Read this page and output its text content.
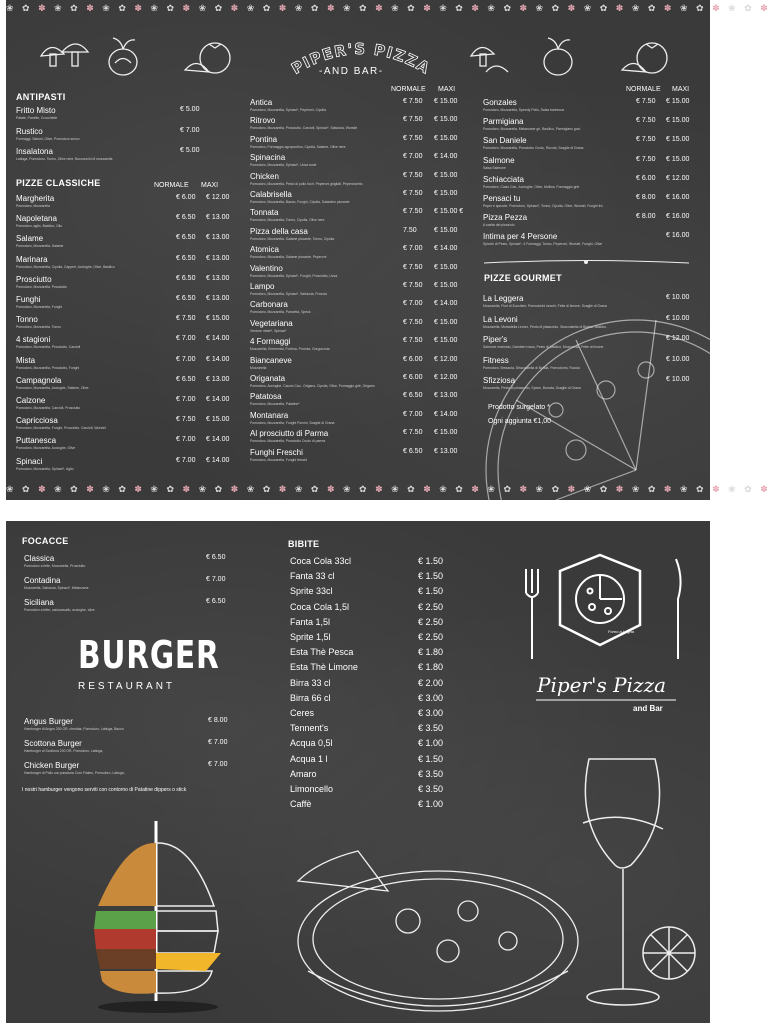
❀ ✿ ✽ ❀ ✿ ✽ ❀ ✿ ✽ ❀ ✿ ✽ ❀ ✿ ✽ ❀ ✿ ✽ ❀ ✿ ✽ ❀ ✿ ✽ ❀ ✿ ✽ ❀ ✿ ✽ ❀ ✿ ✽ ❀ ✿ ✽ ❀ ✿ ✽ ❀ ✿ ✽ ❀ ✿ ✽ ❀ ✿ ✽
❀ ✿ ✽ ❀ ✿ ✽ ❀ ✿ ✽ ❀ ✿ ✽ ❀ ✿ ✽ ❀ ✿ ✽ ❀ ✿ ✽ ❀ ✿ ✽ ❀ ✿ ✽ ❀ ✿ ✽ ❀ ✿ ✽ ❀ ✿ ✽ ❀ ✿ ✽ ❀ ✿ ✽ ❀ ✿ ✽ ❀ ✿ ✽
PIPER'S PIZZA
-AND BAR-
ANTIPASTI
PIZZE CLASSICHE	NORMALE MAXI
NORMALE MAXI	NORMALE MAXI
PIZZE GOURMET
Prodotto surgelato *
Ogni aggiunta €1,00
Fritto Misto
Patate, Panelle, Crocchette
€ 5.00
Rustico
Formaggi, Salumi, Olive, Pomodoro secco
€ 7.00
Insalatona
Lattuga, Pomodoro, Tonno, Olive nere, Bocconcini di mozzarella
€ 5.00
Margherita
Pomodoro, Mozzarella
€ 6.00 € 12.00
Napoletana
Pomodoro, aglio, Basilico, Olio
€ 6.50 € 13.00
Salame
Pomodoro, Mozzarella, Salame
€ 6.50 € 13.00
Marinara
Pomodoro, Mozzarella, Cipolla, Capperi, Acciughe, Olive, Basilico
€ 6.50 € 13.00
Prosciutto
Pomodoro, Mozzarella, Prosciutto
€ 6.50 € 13.00
Funghi
Pomodoro, Mozzarella, Funghi
€ 6.50 € 13.00
Tonno
Pomodoro, Mozzarella, Tonno
€ 7.50 € 15.00
4 stagioni
Pomodoro, Mozzarella, Prosciutto, Carciofi
€ 7.00 € 14.00
Mista
Pomodoro, Mozzarella, Prosciutto, Funghi
€ 7.00 € 14.00
Campagnola
Pomodoro, Mozzarella, Acciughe, Salame, Olive
€ 6.50 € 13.00
Calzone
Pomodoro, Mozzarella, Carciofi, Prosciutto
€ 7.00 € 14.00
Capricciosa
Pomodoro, Mozzarella, Funghi, Prosciutto, Carciofi, Wurstel
€ 7.50 € 15.00
Puttanesca
Pomodoro, Mozzarella, Acciughe, Olive
€ 7.00 € 14.00
Spinaci
Pomodoro, Mozzarella, Spinaci*, Aglio
€ 7.00 € 14.00
Antica
Pomodoro, Mozzarella, Spinaci*, Peperoni, Cipolla
€ 7.50 € 15.00
Ritrovo
Pomodoro, Mozzarella, Prosciutto, Carciofi, Spinaci*, Salsiccia, Wurstel
€ 7.50 € 15.00
Pontina
Pomodoro, Formaggio agropontino, Cipolla, Salame, Olive nere
€ 7.50 € 15.00
Spinacina
Pomodoro, Mozzarella, Spinaci*, Uova sode
€ 7.00 € 14.00
Chicken
Pomodoro, Mozzarella, Pesto di pollo fuori, Peperoni grigliati, Peperoncello
€ 7.50 € 15.00
Calabrisella
Pomodoro, Mozzarella, Bacon, Funghi, Cipolla, Salamino piccante
€ 7.50 € 15.00
Tonnata
Pomodoro, Mozzarella, Tonno, Cipolla, Olive nere
€ 7.50 € 15.00 €
Pizza della casa
Pomodoro, Mozzarella, Salame piccante, Tonno, Cipolla
7.50 € 15.00
Atomica
Pomodoro, Mozzarella, Salame piccante, Peperoni
€ 7.00 € 14.00
Valentino
Pomodoro, Mozzarella, Spinaci*, Funghi, Prosciutto, Uova
€ 7.50 € 15.00
Lampo
Pomodoro, Mozzarella, Spinaci*, Salsiccia, Provola
€ 7.50 € 15.00
Carbonara
Pomodoro, Mozzarella, Pancetta, Speck
€ 7.00 € 14.00
Vegetariana
Verdure miste*, Spinaci*
€ 7.50 € 15.00
4 Formaggi
Mozzarella, Emmental, Fontina, Provola, Gorgonzola
€ 7.50 € 15.00
Biancaneve
Mozzarella
€ 6.00 € 12.00
Origanata
Pomodoro, Acciughe, Caccio Cav., Origano, Cipolla, Olive, Pomaggio griè, Origano
€ 6.00 € 12.00
Patatosa
Pomodoro, Mozzarella, Patatine*
€ 6.50 € 13.00
Montanara
Pomodoro, Mozzarella, Funghi Porcini, Scaglie di Grana
€ 7.00 € 14.00
Al prosciutto di Parma
Pomodoro, Mozzarella, Prosciutto Crudo di parma
€ 7.50 € 15.00
Funghi Freschi
Pomodoro, Mozzarella, Funghi freschi
€ 6.50 € 13.00
Gonzales
Pomodoro, Mozzarella, Speedy Pollo, Salsa barbecue
€ 7.50 € 15.00
Parmigiana
Pomodoro, Mozzarella, Melanzane grì, Basilico, Parmigiano grat.
€ 7.50 € 15.00
San Daniele
Pomodoro, Mozzarella, Prosciutto Crudo, Rucola, Scaglie di Grana
€ 7.50 € 15.00
Salmone
Salsa Salmone
€ 7.50 € 15.00
Schiacciata
Pomodoro, Cacio Cav., Acciughe, Olive, Mollica, Formaggio griè
€ 6.00 € 12.00
Pensaci tu
Peper e spezzie, Pomodoro, Spinaci*, Tonno, Cipolla, Olive, Wurstel, Funghi fre.
€ 8.00 € 16.00
Pizza Pezza
A scelta del pizzaiolo
€ 8.00 € 16.00
Intima per 4 Persone
Spicchi di Pesto, Spinaci*, 4 Formaggi, Tonno, Peperoni, Wurstel, Funghi, Olive
€ 16.00
La Leggera
Mozzarella, Fiori di Zucchine, Pomodorini secchi, Fette di limone, Scaglie di Grana
€ 10.00
La Levoni
Mozzarella, Mortadella Levoni, Pesto di pistacchio, Stracciatella di Bufala, Basilico
€ 10.00
Piper's
Salmone marinato, Gamberi rossa, Pesto di basilico, Mozzarella, Fette di limone
€ 12.00
Fitness
Pomodoro, Bresaola, Stracciatella di Bufala, Pomodorini, Rucola
€ 10.00
Sfizziosa
Mozzarella, Pesto di pistacchio, Speck, Burrata, Scaglie di Grana
€ 10.00
FOCACCE
BURGER
RESTAURANT
I nostri hamburger vengono serviti con contorno di Patatine dippers o stick
BIBITE
Forno a Legna
Piper's Pizza
and Bar
Classica
Pomodoro a fette, Mozzarella, Prosciutto
€ 6.50
Contadina
Mozzarella, Salsiccia, Spinaci*, Melanzane
€ 7.00
Siciliana
Pomodoro a fette, caciocavallo, acciughe, olive
€ 6.50
Angus Burger
Hamburger di Angus 200 GR, cheddar, Pomodoro, Lattuga, Bacon
€ 8.00
Scottona Burger
Hamburger di Scottona 200 GR, Pomodoro, Lattuga,
€ 7.00
Chicken Burger
Hamburger di Pollo con panatura Corn Flakes, Pomodoro, Lattuga,
€ 7.00
Coca Cola 33cl	€ 1.50
Fanta 33 cl	€ 1.50
Sprite 33cl	€ 1.50
Coca Cola 1,5l	€ 2.50
Fanta 1,5l	€ 2.50
Sprite 1,5l	€ 2.50
Esta Thè Pesca	€ 1.80
Esta Thè Limone	€ 1.80
Birra 33 cl	€ 2.00
Birra 66 cl	€ 3.00
Ceres	€ 3.00
Tennent's	€ 3.50
Acqua 0,5l	€ 1.00
Acqua 1 l	€ 1.50
Amaro	€ 3.50
Limoncello	€ 3.50
Caffè	€ 1.00
